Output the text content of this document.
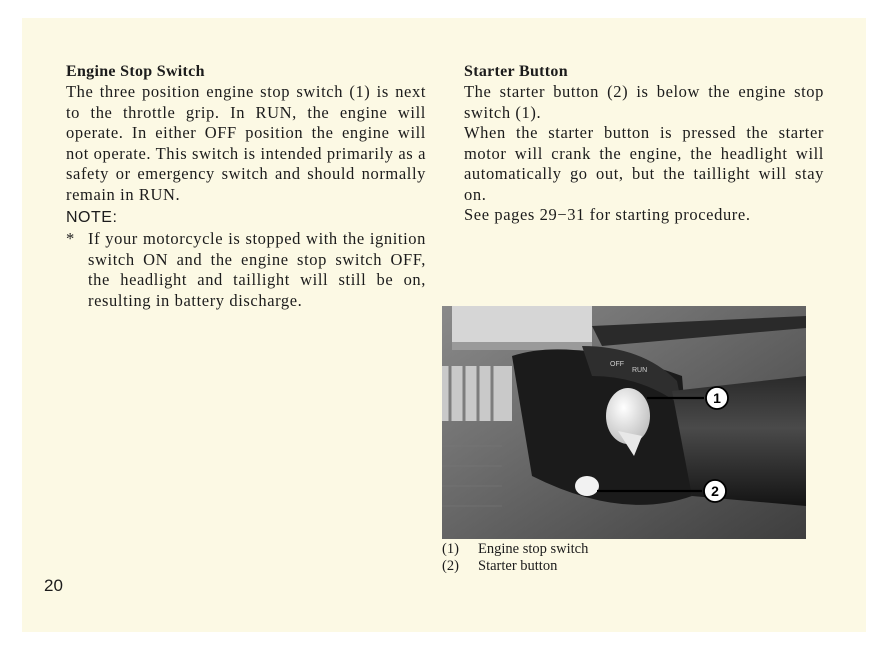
Engine Stop Switch

The three position engine stop switch (1) is next to the throttle grip. In RUN, the engine will operate. In either OFF position the engine will not operate. This switch is intended primarily as a safety or emergency switch and should normally remain in RUN.

NOTE:
* If your motorcycle is stopped with the ignition switch ON and the engine stop switch OFF, the headlight and taillight will still be on, resulting in battery discharge.

Starter Button

The starter button (2) is below the engine stop switch (1).

When the starter button is pressed the starter motor will crank the engine, the headlight will automatically go out, but the taillight will stay on.

See pages 29−31 for starting procedure.

OFF
RUN
1
2
(1)	Engine stop switch
(2)	Starter button
20
